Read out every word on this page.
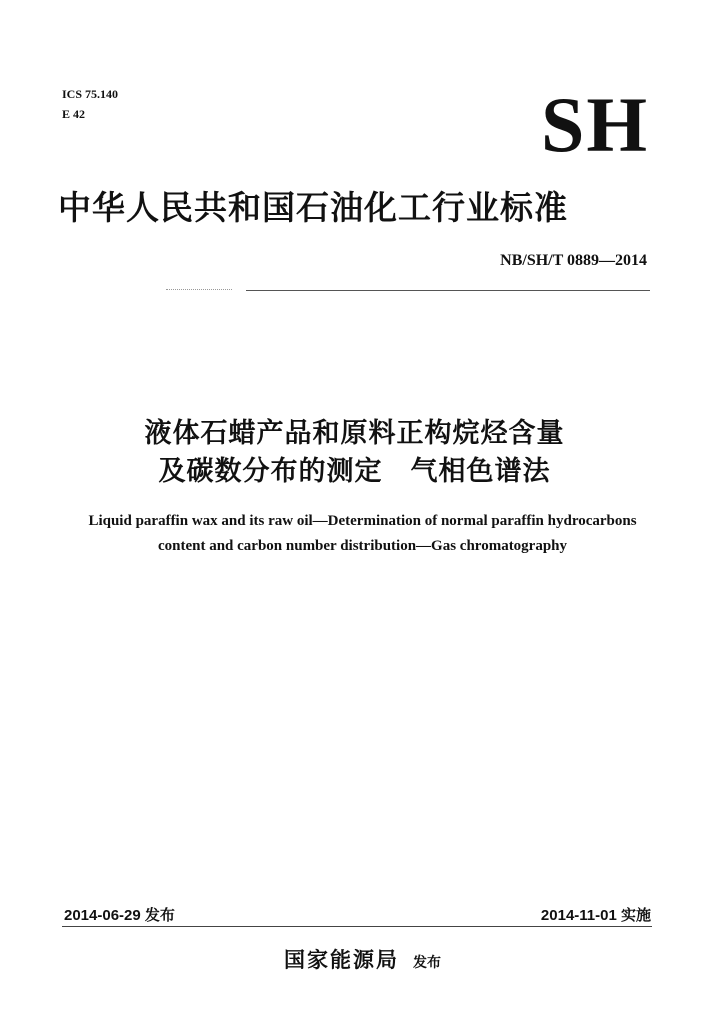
ICS 75.140
E 42	SH
中华人民共和国石油化工行业标准
NB/SH/T 0889—2014
液体石蜡产品和原料正构烷烃含量
及碳数分布的测定　气相色谱法
Liquid paraffin wax and its raw oil—Determination of normal paraffin hydrocarbons
content and carbon number distribution—Gas chromatography
2014-06-29 发布	2014-11-01 实施
国家能源局 发布
